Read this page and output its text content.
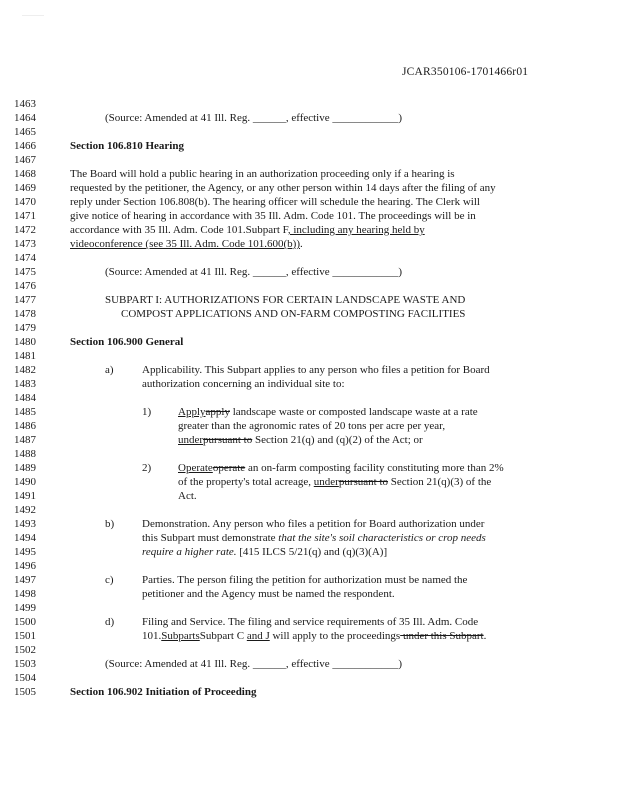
JCAR350106-1701466r01
1463
1464
1465
1466
1467
1468
1469
1470
1471
1472
1473
1474
1475
1476
1477
1478
1479
1480
1481
1482
1483
1484
1485
1486
1487
1488
1489
1490
1491
1492
1493
1494
1495
1496
1497
1498
1499
1500
1501
1502
1503
1504
1505
(Source: Amended at 41 Ill. Reg. ______, effective ____________)
Section 106.810 Hearing
The Board will hold a public hearing in an authorization proceeding only if a hearing is
requested by the petitioner, the Agency, or any other person within 14 days after the filing of any
reply under Section 106.808(b). The hearing officer will schedule the hearing. The Clerk will
give notice of hearing in accordance with 35 Ill. Adm. Code 101. The proceedings will be in
accordance with 35 Ill. Adm. Code 101.Subpart F, including any hearing held by
videoconference (see 35 Ill. Adm. Code 101.600(b)).
(Source: Amended at 41 Ill. Reg. ______, effective ____________)
SUBPART I: AUTHORIZATIONS FOR CERTAIN LANDSCAPE WASTE AND
COMPOST APPLICATIONS AND ON-FARM COMPOSTING FACILITIES
Section 106.900 General
a)	Applicability. This Subpart applies to any person who files a petition for Board
authorization concerning an individual site to:
1) Applyapply landscape waste or composted landscape waste at a rate
greater than the agronomic rates of 20 tons per acre per year,
underpursuant to Section 21(q) and (q)(2) of the Act; or
2) Operateoperate an on-farm composting facility constituting more than 2%
of the property's total acreage, underpursuant to Section 21(q)(3) of the
Act.
b)	Demonstration. Any person who files a petition for Board authorization under
this Subpart must demonstrate that the site's soil characteristics or crop needs
require a higher rate. [415 ILCS 5/21(q) and (q)(3)(A)]
c)	Parties. The person filing the petition for authorization must be named the
petitioner and the Agency must be named the respondent.
d)	Filing and Service. The filing and service requirements of 35 Ill. Adm. Code
101.SubpartsSubpart C and J will apply to the proceedings under this Subpart.
(Source: Amended at 41 Ill. Reg. ______, effective ____________)
Section 106.902 Initiation of Proceeding
